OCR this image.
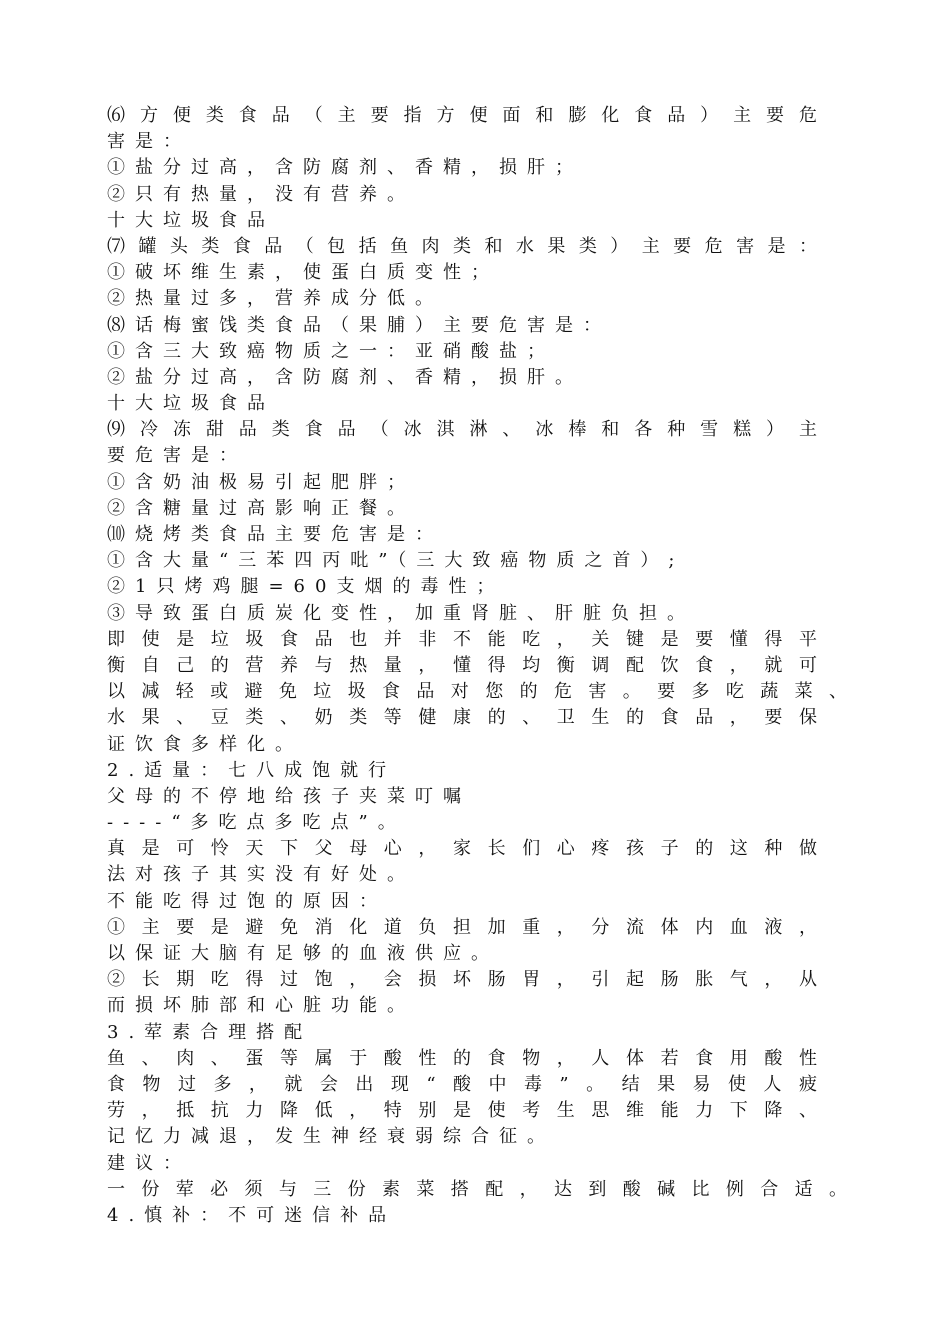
⑹方便类食品（主要指方便面和膨化食品）主要危
害是：
①盐分过高，含防腐剂、香精，损肝；
②只有热量，没有营养。
十大垃圾食品
⑺罐头类食品（包括鱼肉类和水果类）主要危害是：
①破坏维生素，使蛋白质变性；
②热量过多，营养成分低。
⑻话梅蜜饯类食品（果脯）主要危害是：
①含三大致癌物质之一：亚硝酸盐；
②盐分过高，含防腐剂、香精，损肝。
十大垃圾食品
⑼冷冻甜品类食品（冰淇淋、冰棒和各种雪糕）主
要危害是：
①含奶油极易引起肥胖；
②含糖量过高影响正餐。
⑽烧烤类食品主要危害是：
①含大量“三苯四丙吡”（三大致癌物质之首）;
②1只烤鸡腿=60支烟的毒性；
③导致蛋白质炭化变性，加重肾脏、肝脏负担。
即使是垃圾食品也并非不能吃，关键是要懂得平
衡自己的营养与热量，懂得均衡调配饮食，就可
以减轻或避免垃圾食品对您的危害。要多吃蔬菜、
水果、豆类、奶类等健康的、卫生的食品，要保
证饮食多样化。
2.适量：七八成饱就行
父母的不停地给孩子夹菜叮嘱
----“多吃点多吃点”。
真是可怜天下父母心，家长们心疼孩子的这种做
法对孩子其实没有好处。
不能吃得过饱的原因：
①主要是避免消化道负担加重，分流体内血液，
以保证大脑有足够的血液供应。
②长期吃得过饱，会损坏肠胃，引起肠胀气，从
而损坏肺部和心脏功能。
3.荤素合理搭配
鱼、肉、蛋等属于酸性的食物，人体若食用酸性
食物过多，就会出现“酸中毒”。结果易使人疲
劳，抵抗力降低，特别是使考生思维能力下降、
记忆力减退，发生神经衰弱综合征。
建议：
一份荤必须与三份素菜搭配，达到酸碱比例合适。
4.慎补：不可迷信补品
